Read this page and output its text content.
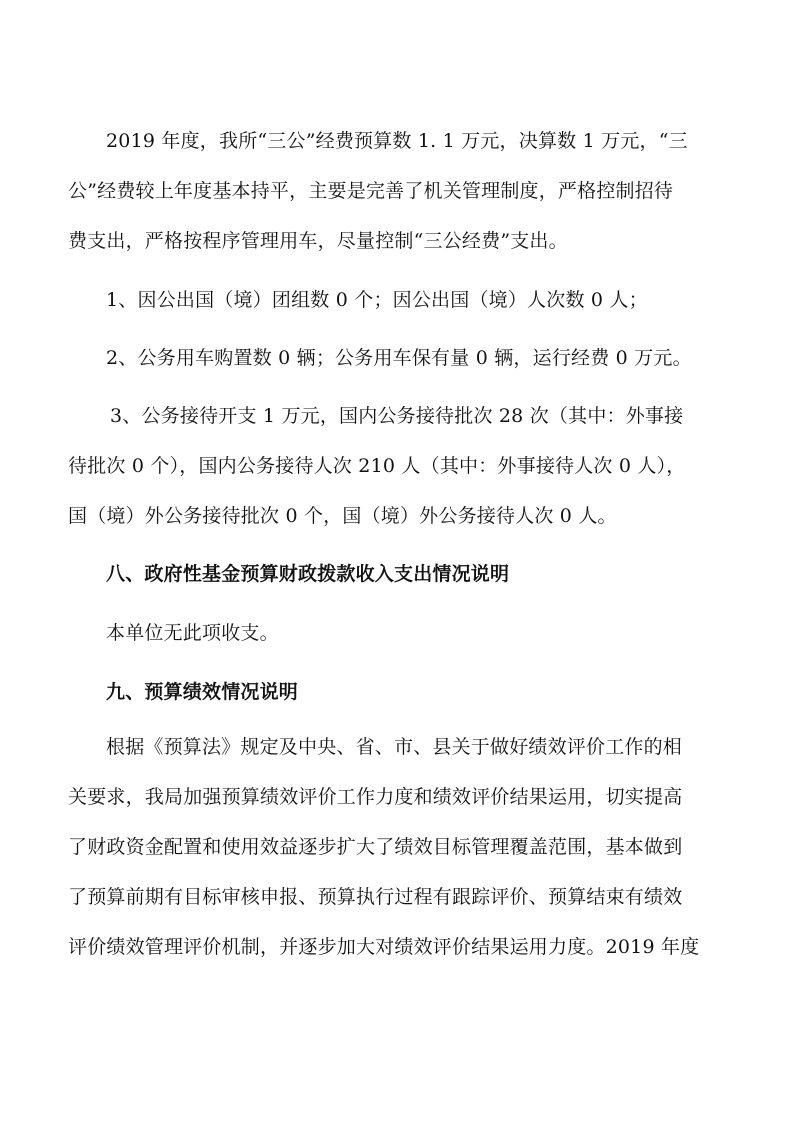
2019 年度，我所“三公”经费预算数 1. 1 万元，决算数 1 万元，“三
公”经费较上年度基本持平，主要是完善了机关管理制度，严格控制招待
费支出，严格按程序管理用车，尽量控制“三公经费”支出。
1、因公出国（境）团组数 0 个；因公出国（境）人次数 0 人；
2、公务用车购置数 0 辆；公务用车保有量 0 辆，运行经费 0 万元。
3、公务接待开支 1 万元，国内公务接待批次 28 次（其中：外事接
待批次 0 个），国内公务接待人次 210 人（其中：外事接待人次 0 人），
国（境）外公务接待批次 0 个，国（境）外公务接待人次 0 人。
八、政府性基金预算财政拨款收入支出情况说明
本单位无此项收支。
九、预算绩效情况说明
根据《预算法》规定及中央、省、市、县关于做好绩效评价工作的相
关要求，我局加强预算绩效评价工作力度和绩效评价结果运用，切实提高
了财政资金配置和使用效益逐步扩大了绩效目标管理覆盖范围，基本做到
了预算前期有目标审核申报、预算执行过程有跟踪评价、预算结束有绩效
评价绩效管理评价机制，并逐步加大对绩效评价结果运用力度。2019 年度
